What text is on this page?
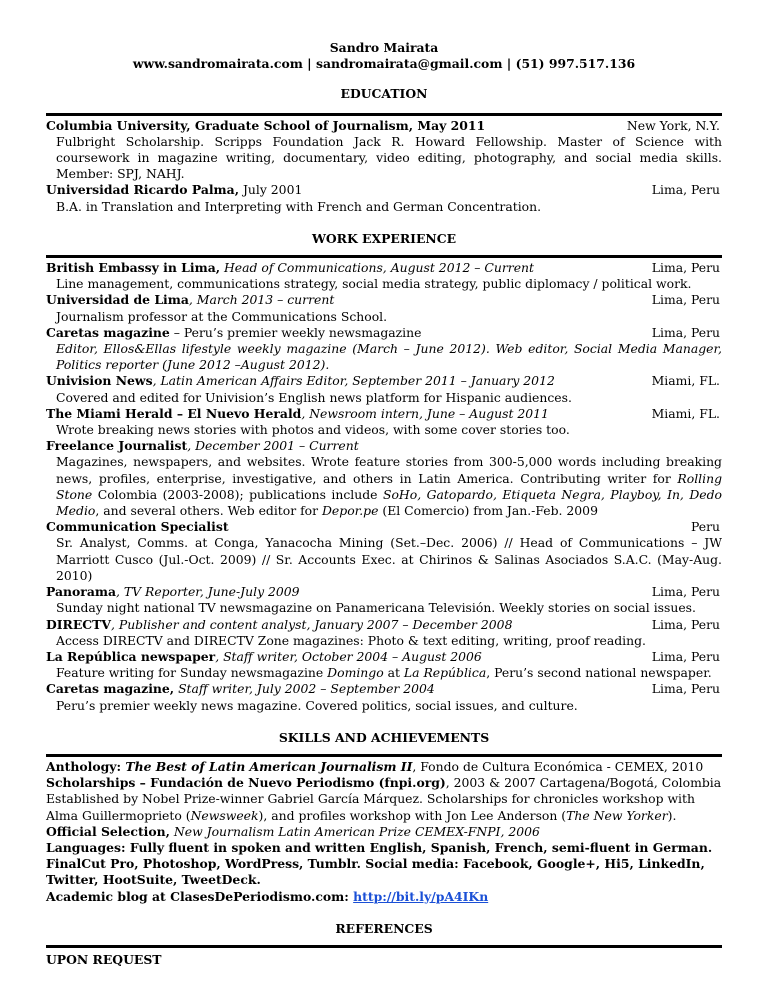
Sandro Mairata
www.sandromairata.com | sandromairata@gmail.com | (51) 997.517.136
EDUCATION
Columbia University, Graduate School of Journalism, May 2011	New York, N.Y.
Fulbright Scholarship. Scripps Foundation Jack R. Howard Fellowship. Master of Science with coursework in magazine writing, documentary, video editing, photography, and social media skills. Member: SPJ, NAHJ.
Universidad Ricardo Palma, July 2001	Lima, Peru
B.A. in Translation and Interpreting with French and German Concentration.
WORK EXPERIENCE
British Embassy in Lima, Head of Communications, August 2012 – Current	Lima, Peru
Line management, communications strategy, social media strategy, public diplomacy / political work.
Universidad de Lima, March 2013 – current	Lima, Peru
Journalism professor at the Communications School.
Caretas magazine – Peru’s premier weekly newsmagazine	Lima, Peru
Editor, Ellos&Ellas lifestyle weekly magazine (March – June 2012). Web editor, Social Media Manager, Politics reporter (June 2012 –August 2012).
Univision News, Latin American Affairs Editor, September 2011 – January 2012	Miami, FL.
Covered and edited for Univision’s English news platform for Hispanic audiences.
The Miami Herald – El Nuevo Herald, Newsroom intern, June – August 2011	Miami, FL.
Wrote breaking news stories with photos and videos, with some cover stories too.
Freelance Journalist, December 2001 – Current
Magazines, newspapers, and websites. Wrote feature stories from 300-5,000 words including breaking news, profiles, enterprise, investigative, and others in Latin America. Contributing writer for Rolling Stone Colombia (2003-2008); publications include SoHo, Gatopardo, Etiqueta Negra, Playboy, In, Dedo Medio, and several others. Web editor for Depor.pe (El Comercio) from Jan.-Feb. 2009
Communication Specialist	Peru
Sr. Analyst, Comms. at Conga, Yanacocha Mining (Set.–Dec. 2006) // Head of Communications – JW Marriott Cusco (Jul.-Oct. 2009) // Sr. Accounts Exec. at Chirinos & Salinas Asociados S.A.C. (May-Aug. 2010)
Panorama, TV Reporter, June-July 2009	Lima, Peru
Sunday night national TV newsmagazine on Panamericana Televisión. Weekly stories on social issues.
DIRECTV, Publisher and content analyst, January 2007 – December 2008	Lima, Peru
Access DIRECTV and DIRECTV Zone magazines: Photo & text editing, writing, proof reading.
La República newspaper, Staff writer, October 2004 – August 2006	Lima, Peru
Feature writing for Sunday newsmagazine Domingo at La República, Peru’s second national newspaper.
Caretas magazine, Staff writer, July 2002 – September 2004	Lima, Peru
Peru’s premier weekly news magazine. Covered politics, social issues, and culture.
SKILLS AND ACHIEVEMENTS
Anthology: The Best of Latin American Journalism II, Fondo de Cultura Económica - CEMEX, 2010
Scholarships – Fundación de Nuevo Periodismo (fnpi.org), 2003 & 2007 Cartagena/Bogotá, Colombia
Established by Nobel Prize-winner Gabriel García Márquez. Scholarships for chronicles workshop with Alma Guillermoprieto (Newsweek), and profiles workshop with Jon Lee Anderson (The New Yorker).
Official Selection, New Journalism Latin American Prize CEMEX-FNPI, 2006
Languages: Fully fluent in spoken and written English, Spanish, French, semi-fluent in German. FinalCut Pro, Photoshop, WordPress, Tumblr. Social media: Facebook, Google+, Hi5, LinkedIn, Twitter, HootSuite, TweetDeck.
Academic blog at ClasesDePeriodismo.com: http://bit.ly/pA4IKn
REFERENCES
UPON REQUEST
